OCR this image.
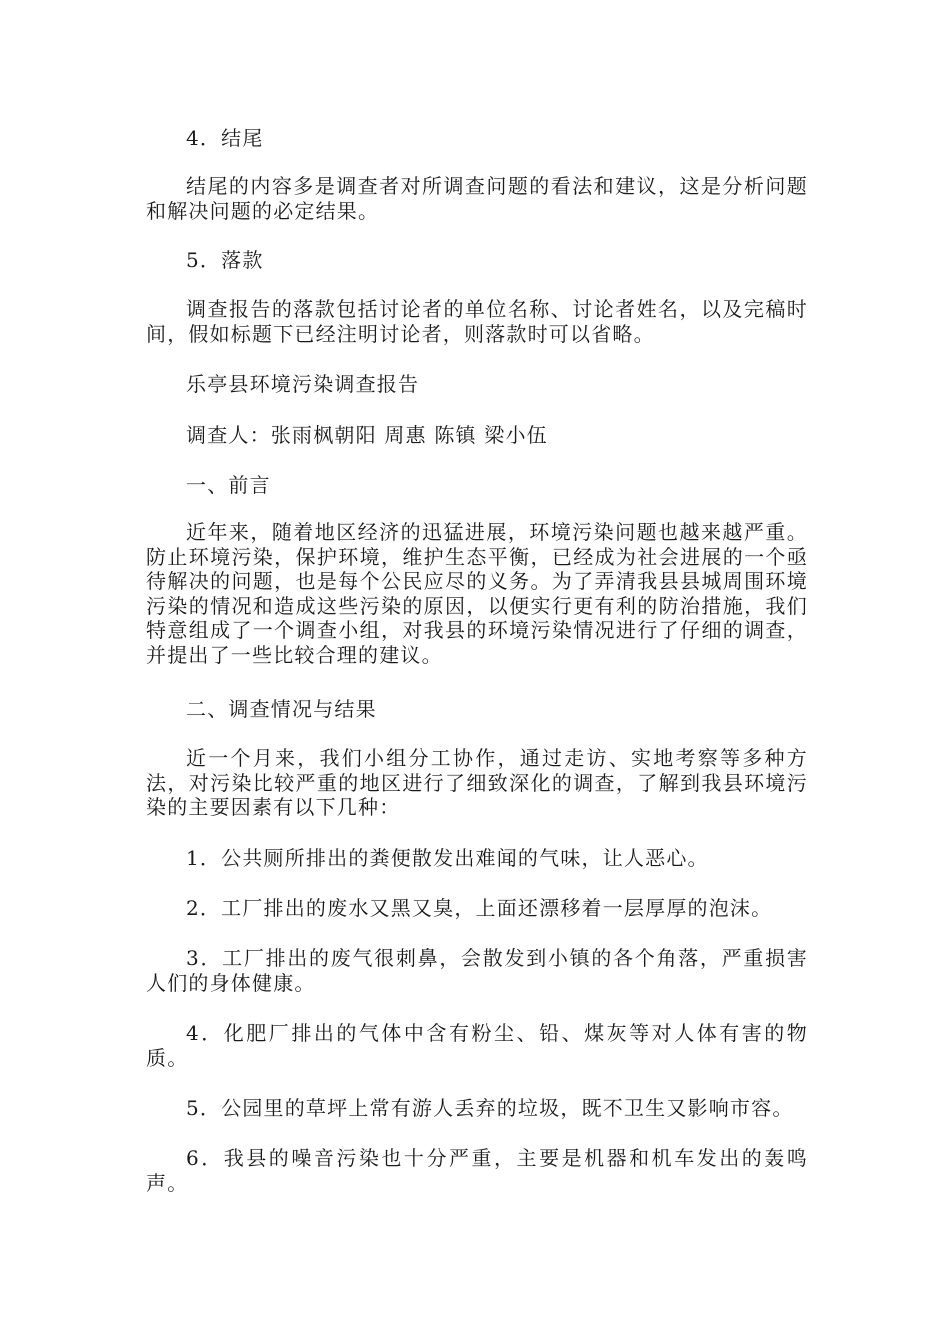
4．结尾

结尾的内容多是调查者对所调查问题的看法和建议，这是分析问题和解决问题的必定结果。

5．落款

调查报告的落款包括讨论者的单位名称、讨论者姓名，以及完稿时间，假如标题下已经注明讨论者，则落款时可以省略。

乐亭县环境污染调查报告

调查人：张雨枫朝阳 周惠 陈镇 梁小伍

一、前言

近年来，随着地区经济的迅猛进展，环境污染问题也越来越严重。防止环境污染，保护环境，维护生态平衡，已经成为社会进展的一个亟待解决的问题，也是每个公民应尽的义务。为了弄清我县县城周围环境污染的情况和造成这些污染的原因，以便实行更有利的防治措施，我们特意组成了一个调查小组，对我县的环境污染情况进行了仔细的调查，并提出了一些比较合理的建议。

二、调查情况与结果

近一个月来，我们小组分工协作，通过走访、实地考察等多种方法，对污染比较严重的地区进行了细致深化的调查，了解到我县环境污染的主要因素有以下几种：

1．公共厕所排出的粪便散发出难闻的气味，让人恶心。

2．工厂排出的废水又黑又臭，上面还漂移着一层厚厚的泡沫。

3．工厂排出的废气很刺鼻，会散发到小镇的各个角落，严重损害人们的身体健康。

4．化肥厂排出的气体中含有粉尘、铅、煤灰等对人体有害的物质。

5．公园里的草坪上常有游人丢弃的垃圾，既不卫生又影响市容。

6．我县的噪音污染也十分严重，主要是机器和机车发出的轰鸣声。
